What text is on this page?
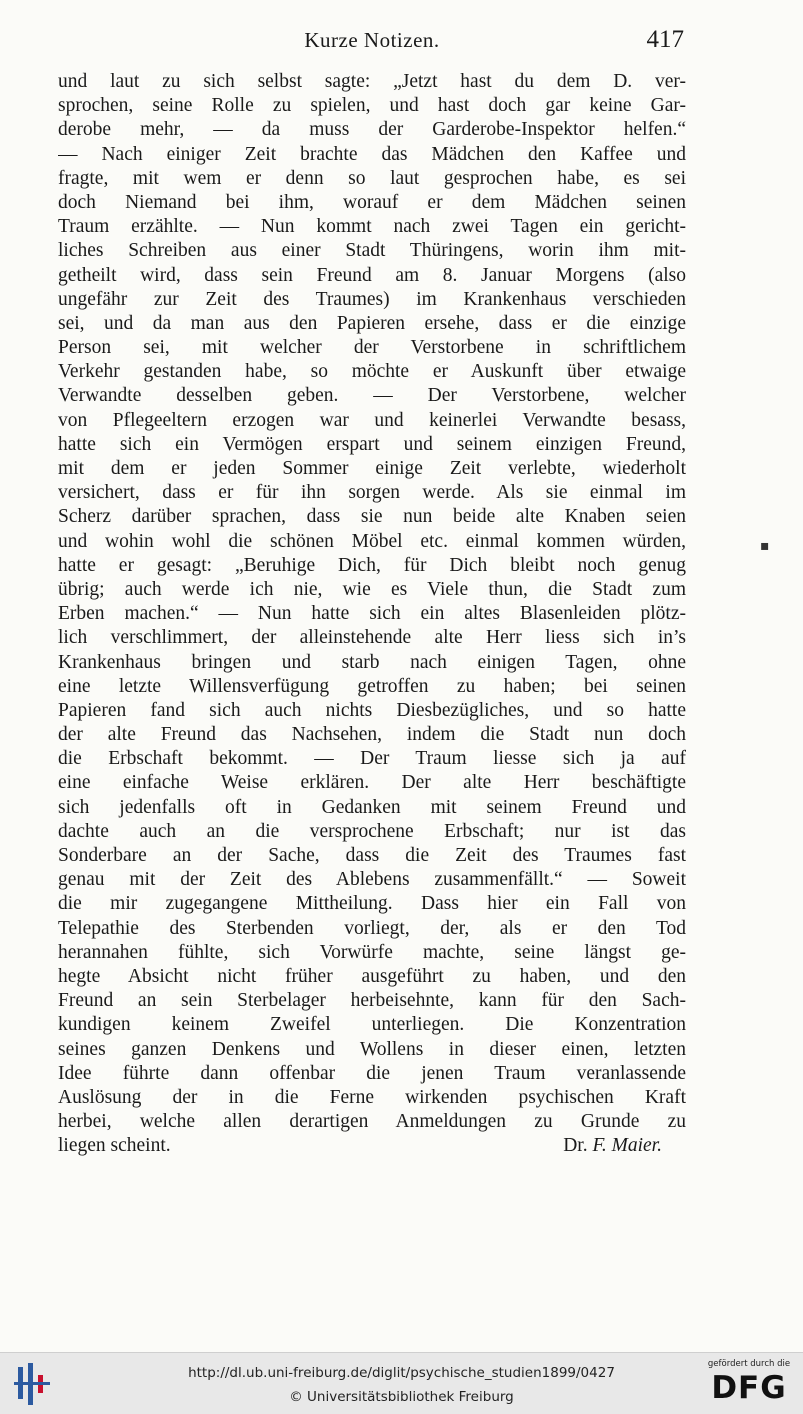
Kurze Notizen.	417
und laut zu sich selbst sagte: „Jetzt hast du dem D. ver-
sprochen, seine Rolle zu spielen, und hast doch gar keine Gar-
derobe mehr, — da muss der Garderobe-Inspektor helfen.“
— Nach einiger Zeit brachte das Mädchen den Kaffee und
fragte, mit wem er denn so laut gesprochen habe, es sei
doch Niemand bei ihm, worauf er dem Mädchen seinen
Traum erzählte. — Nun kommt nach zwei Tagen ein gericht-
liches Schreiben aus einer Stadt Thüringens, worin ihm mit-
getheilt wird, dass sein Freund am 8. Januar Morgens (also
ungefähr zur Zeit des Traumes) im Krankenhaus verschieden
sei, und da man aus den Papieren ersehe, dass er die einzige
Person sei, mit welcher der Verstorbene in schriftlichem
Verkehr gestanden habe, so möchte er Auskunft über etwaige
Verwandte desselben geben. — Der Verstorbene, welcher
von Pflegeeltern erzogen war und keinerlei Verwandte besass,
hatte sich ein Vermögen erspart und seinem einzigen Freund,
mit dem er jeden Sommer einige Zeit verlebte, wiederholt
versichert, dass er für ihn sorgen werde. Als sie einmal im
Scherz darüber sprachen, dass sie nun beide alte Knaben seien
und wohin wohl die schönen Möbel etc. einmal kommen würden,
hatte er gesagt: „Beruhige Dich, für Dich bleibt noch genug
übrig; auch werde ich nie, wie es Viele thun, die Stadt zum
Erben machen.“ — Nun hatte sich ein altes Blasenleiden plötz-
lich verschlimmert, der alleinstehende alte Herr liess sich in’s
Krankenhaus bringen und starb nach einigen Tagen, ohne
eine letzte Willensverfügung getroffen zu haben; bei seinen
Papieren fand sich auch nichts Diesbezügliches, und so hatte
der alte Freund das Nachsehen, indem die Stadt nun doch
die Erbschaft bekommt. — Der Traum liesse sich ja auf
eine einfache Weise erklären. Der alte Herr beschäftigte
sich jedenfalls oft in Gedanken mit seinem Freund und
dachte auch an die versprochene Erbschaft; nur ist das
Sonderbare an der Sache, dass die Zeit des Traumes fast
genau mit der Zeit des Ablebens zusammenfällt.“ — Soweit
die mir zugegangene Mittheilung. Dass hier ein Fall von
Telepathie des Sterbenden vorliegt, der, als er den Tod
herannahen fühlte, sich Vorwürfe machte, seine längst ge-
hegte Absicht nicht früher ausgeführt zu haben, und den
Freund an sein Sterbelager herbeisehnte, kann für den Sach-
kundigen keinem Zweifel unterliegen. Die Konzentration
seines ganzen Denkens und Wollens in dieser einen, letzten
Idee führte dann offenbar die jenen Traum veranlassende
Auslösung der in die Ferne wirkenden psychischen Kraft
herbei, welche allen derartigen Anmeldungen zu Grunde zu
liegen scheint.	Dr. F. Maier.
▪
http://dl.ub.uni-freiburg.de/diglit/psychische_studien1899/0427
© Universitätsbibliothek Freiburg
gefördert durch die
DFG
